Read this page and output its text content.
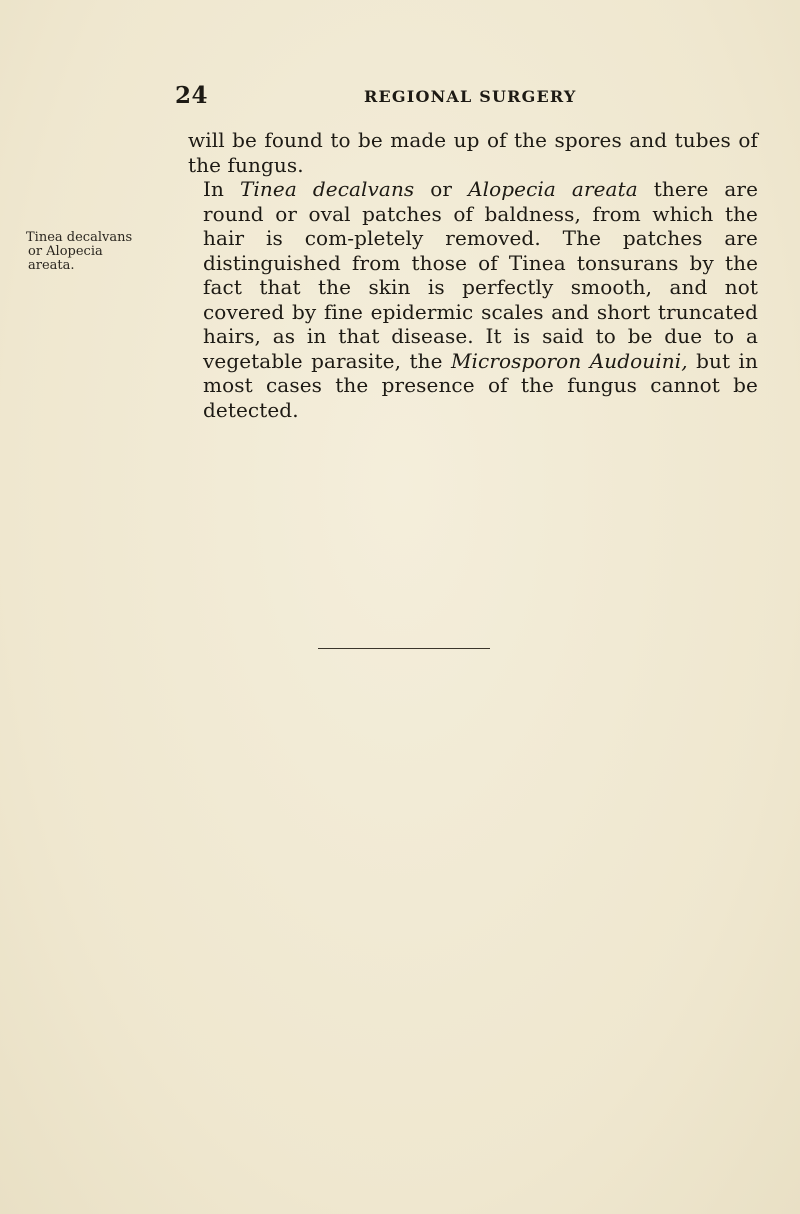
24	REGIONAL SURGERY
Tinea decalvans
or Alopecia
areata.

will be found to be made up of the spores and tubes of the fungus.

In Tinea decalvans or Alopecia areata there are round or oval patches of baldness, from which the hair is com-pletely removed. The patches are distinguished from those of Tinea tonsurans by the fact that the skin is perfectly smooth, and not covered by fine epidermic scales and short truncated hairs, as in that disease. It is said to be due to a vegetable parasite, the Microsporon Audouini, but in most cases the presence of the fungus cannot be detected.
